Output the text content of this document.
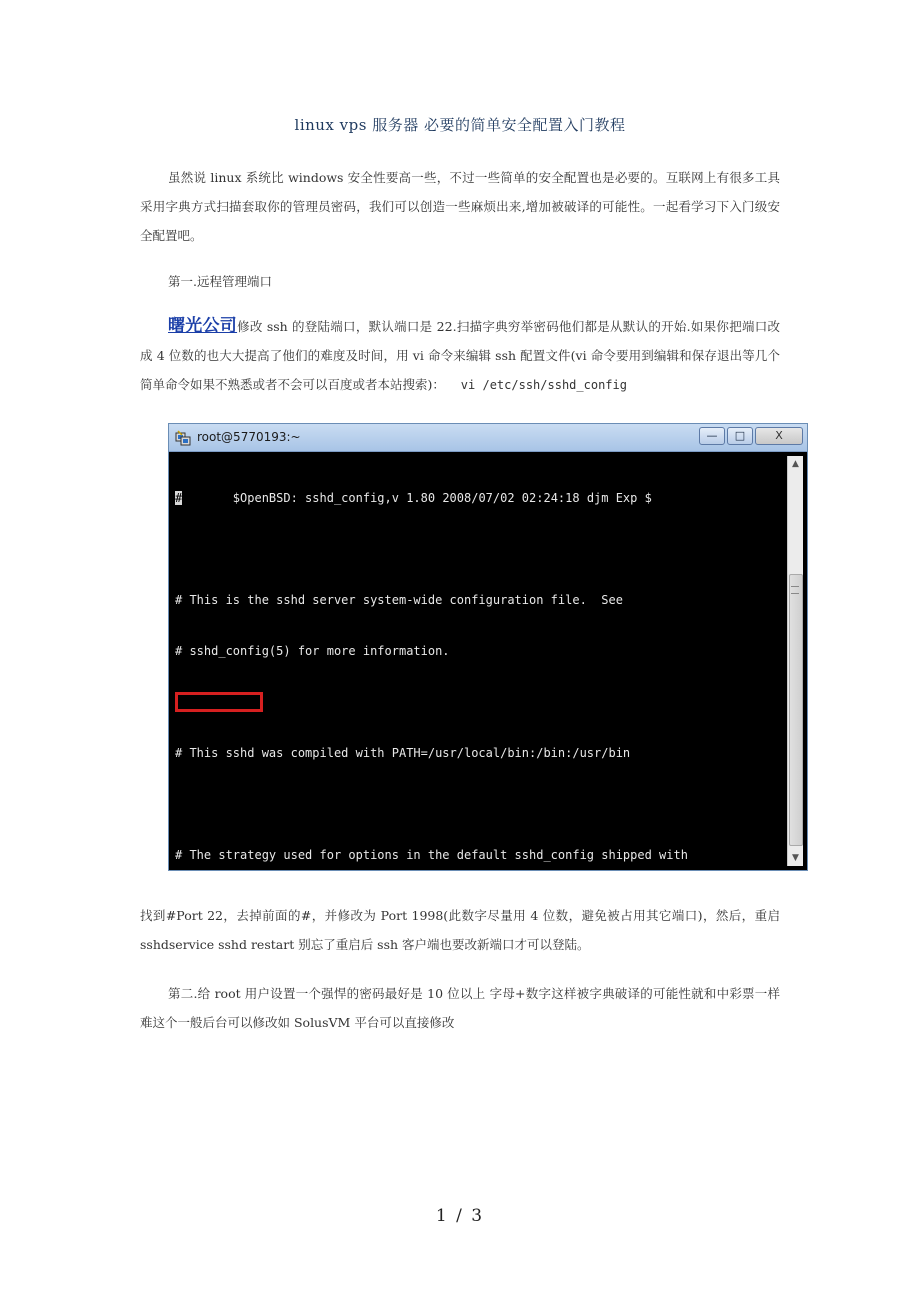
linux vps 服务器 必要的简单安全配置入门教程
虽然说 linux 系统比 windows 安全性要高一些，不过一些简单的安全配置也是必要的。互联网上有很多工具采用字典方式扫描套取你的管理员密码，我们可以创造一些麻烦出来,增加被破译的可能性。一起看学习下入门级安全配置吧。
第一.远程管理端口
曙光公司修改 ssh 的登陆端口，默认端口是 22.扫描字典穷举密码他们都是从默认的开始.如果你把端口改成 4 位数的也大大提高了他们的难度及时间，用 vi 命令来编辑 ssh 配置文件(vi 命令要用到编辑和保存退出等几个简单命令如果不熟悉或者不会可以百度或者本站搜索)： vi /etc/ssh/sshd_config
root@5770193:~	—	□	X

#       $OpenBSD: sshd_config,v 1.80 2008/07/02 02:24:18 djm Exp $

# This is the sshd server system-wide configuration file.  See

# sshd_config(5) for more information.

# This sshd was compiled with PATH=/usr/local/bin:/bin:/usr/bin

# The strategy used for options in the default sshd_config shipped with

▲
▼
找到#Port 22，去掉前面的#，并修改为 Port 1998(此数字尽量用 4 位数，避免被占用其它端口)，然后，重启 sshdservice sshd restart 别忘了重启后 ssh 客户端也要改新端口才可以登陆。
第二.给 root 用户设置一个强悍的密码最好是 10 位以上 字母+数字这样被字典破译的可能性就和中彩票一样难这个一般后台可以修改如 SolusVM 平台可以直接修改
1 / 3
